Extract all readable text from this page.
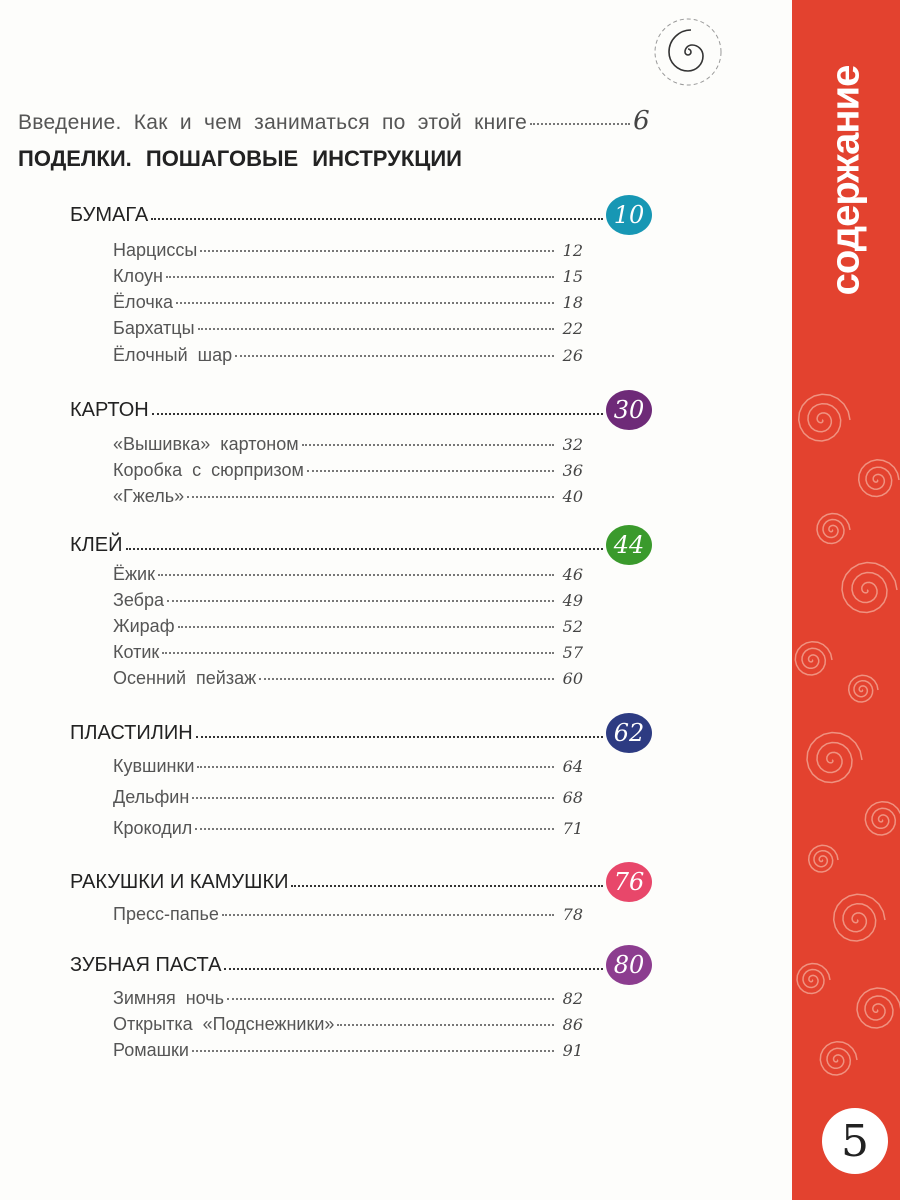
Введение. Как и чем заниматься по этой книге	6
ПОДЕЛКИ. ПОШАГОВЫЕ ИНСТРУКЦИИ
БУМАГА	10
Нарциссы	12
Клоун	15
Ёлочка	18
Бархатцы	22
Ёлочный шар	26
КАРТОН	30
«Вышивка» картоном	32
Коробка с сюрпризом	36
«Гжель»	40
КЛЕЙ	44
Ёжик	46
Зебра	49
Жираф	52
Котик	57
Осенний пейзаж	60
ПЛАСТИЛИН	62
Кувшинки	64
Дельфин	68
Крокодил	71
РАКУШКИ И КАМУШКИ	76
Пресс-папье	78
ЗУБНАЯ ПАСТА	80
Зимняя ночь	82
Открытка «Подснежники»	86
Ромашки	91
содержание
5
